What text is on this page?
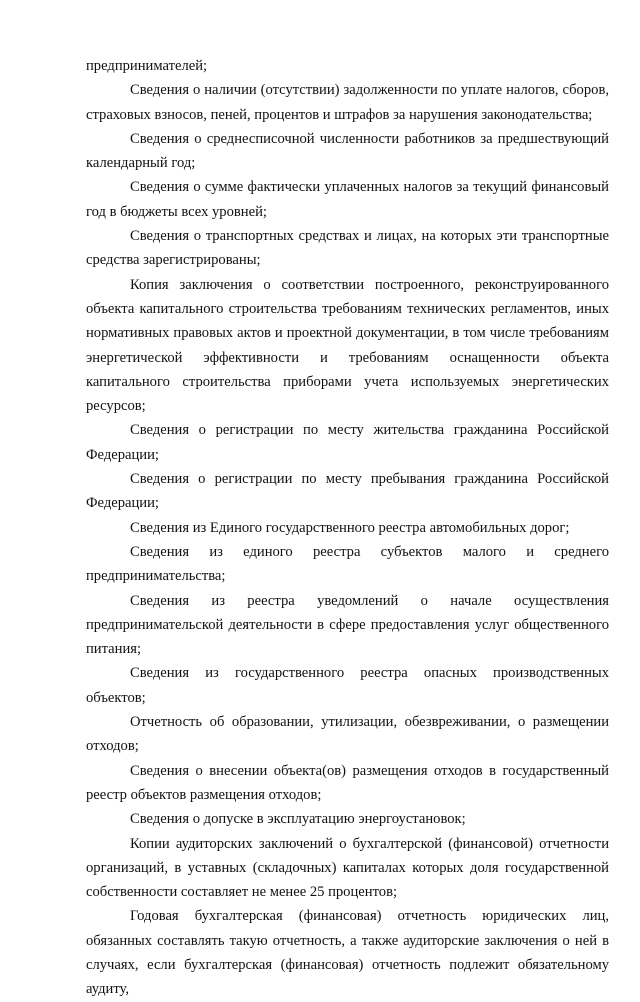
предпринимателей;

Сведения о наличии (отсутствии) задолженности по уплате налогов, сборов, страховых взносов, пеней, процентов и штрафов за нарушения законодательства;

Сведения о среднесписочной численности работников за предшествующий календарный год;

Сведения о сумме фактически уплаченных налогов за текущий финансовый год в бюджеты всех уровней;

Сведения о транспортных средствах и лицах, на которых эти транспортные средства зарегистрированы;

Копия заключения о соответствии построенного, реконструированного объекта капитального строительства требованиям технических регламентов, иных нормативных правовых актов и проектной документации, в том числе требованиям энергетической эффективности и требованиям оснащенности объекта капитального строительства приборами учета используемых энергетических ресурсов;

Сведения о регистрации по месту жительства гражданина Российской Федерации;

Сведения о регистрации по месту пребывания гражданина Российской Федерации;

Сведения из Единого государственного реестра автомобильных дорог;

Сведения из единого реестра субъектов малого и среднего предпринимательства;

Сведения из реестра уведомлений о начале осуществления предпринимательской деятельности в сфере предоставления услуг общественного питания;

Сведения из государственного реестра опасных производственных объектов;

Отчетность об образовании, утилизации, обезвреживании, о размещении отходов;

Сведения о внесении объекта(ов) размещения отходов в государственный реестр объектов размещения отходов;

Сведения о допуске в эксплуатацию энергоустановок;

Копии аудиторских заключений о бухгалтерской (финансовой) отчетности организаций, в уставных (складочных) капиталах которых доля государственной собственности составляет не менее 25 процентов;

Годовая бухгалтерская (финансовая) отчетность юридических лиц, обязанных составлять такую отчетность, а также аудиторские заключения о ней в случаях, если бухгалтерская (финансовая) отчетность подлежит обязательному аудиту,
